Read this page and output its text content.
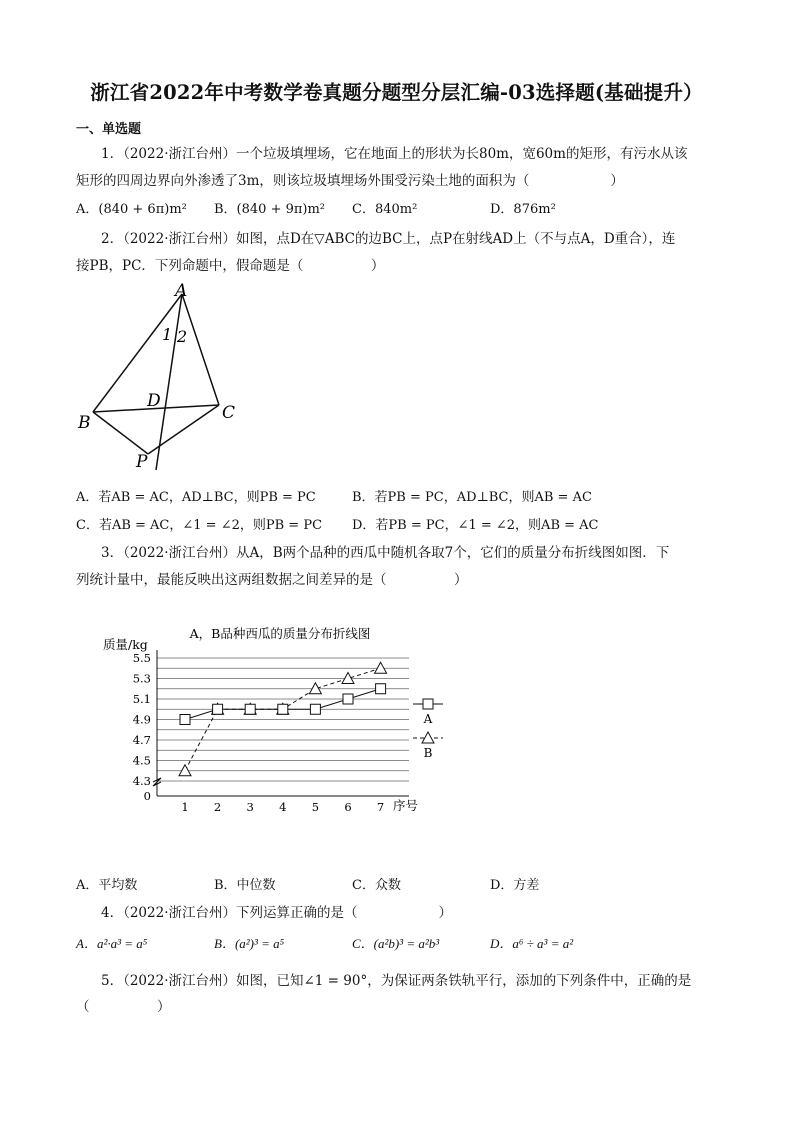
浙江省2022年中考数学卷真题分题型分层汇编-03选择题(基础提升）
一、单选题
1．（2022·浙江台州）一个垃圾填埋场，它在地面上的形状为长80m，宽60m的矩形，有污水从该
矩形的四周边界向外渗透了3m，则该垃圾填埋场外围受污染土地的面积为（　　　　　　）
A．(840 + 6π)m² B．(840 + 9π)m² C．840m²	D．876m²
2．（2022·浙江台州）如图，点D在▽ABC的边BC上，点P在射线AD上（不与点A，D重合），连
接PB，PC．下列命题中，假命题是（　　　　　）
A
B	C
D
P
1 2
A．若AB = AC，AD⊥BC，则PB = PC	B．若PB = PC，AD⊥BC，则AB = AC
C．若AB = AC，∠1 = ∠2，则PB = PC D．若PB = PC，∠1 = ∠2，则AB = AC
3．（2022·浙江台州）从A，B两个品种的西瓜中随机各取7个，它们的质量分布折线图如图．下
列统计量中，最能反映出这两组数据之间差异的是（　　　　　）
A，B品种西瓜的质量分布折线图
质量/kg
序号
5.5
5.3
5.1
4.9
4.7
4.5
4.3
0
1 2 3 4 5 6 7
A
B
A．平均数	B．中位数	C．众数	D．方差
4．（2022·浙江台州）下列运算正确的是（　　　　　　）
A．a²·a³ = a⁵	B．(a²)³ = a⁵	C．(a²b)³ = a²b³	D．a⁶ ÷ a³ = a²
5．（2022·浙江台州）如图，已知∠1 = 90°，为保证两条铁轨平行，添加的下列条件中，正确的是
（　　　　　）
